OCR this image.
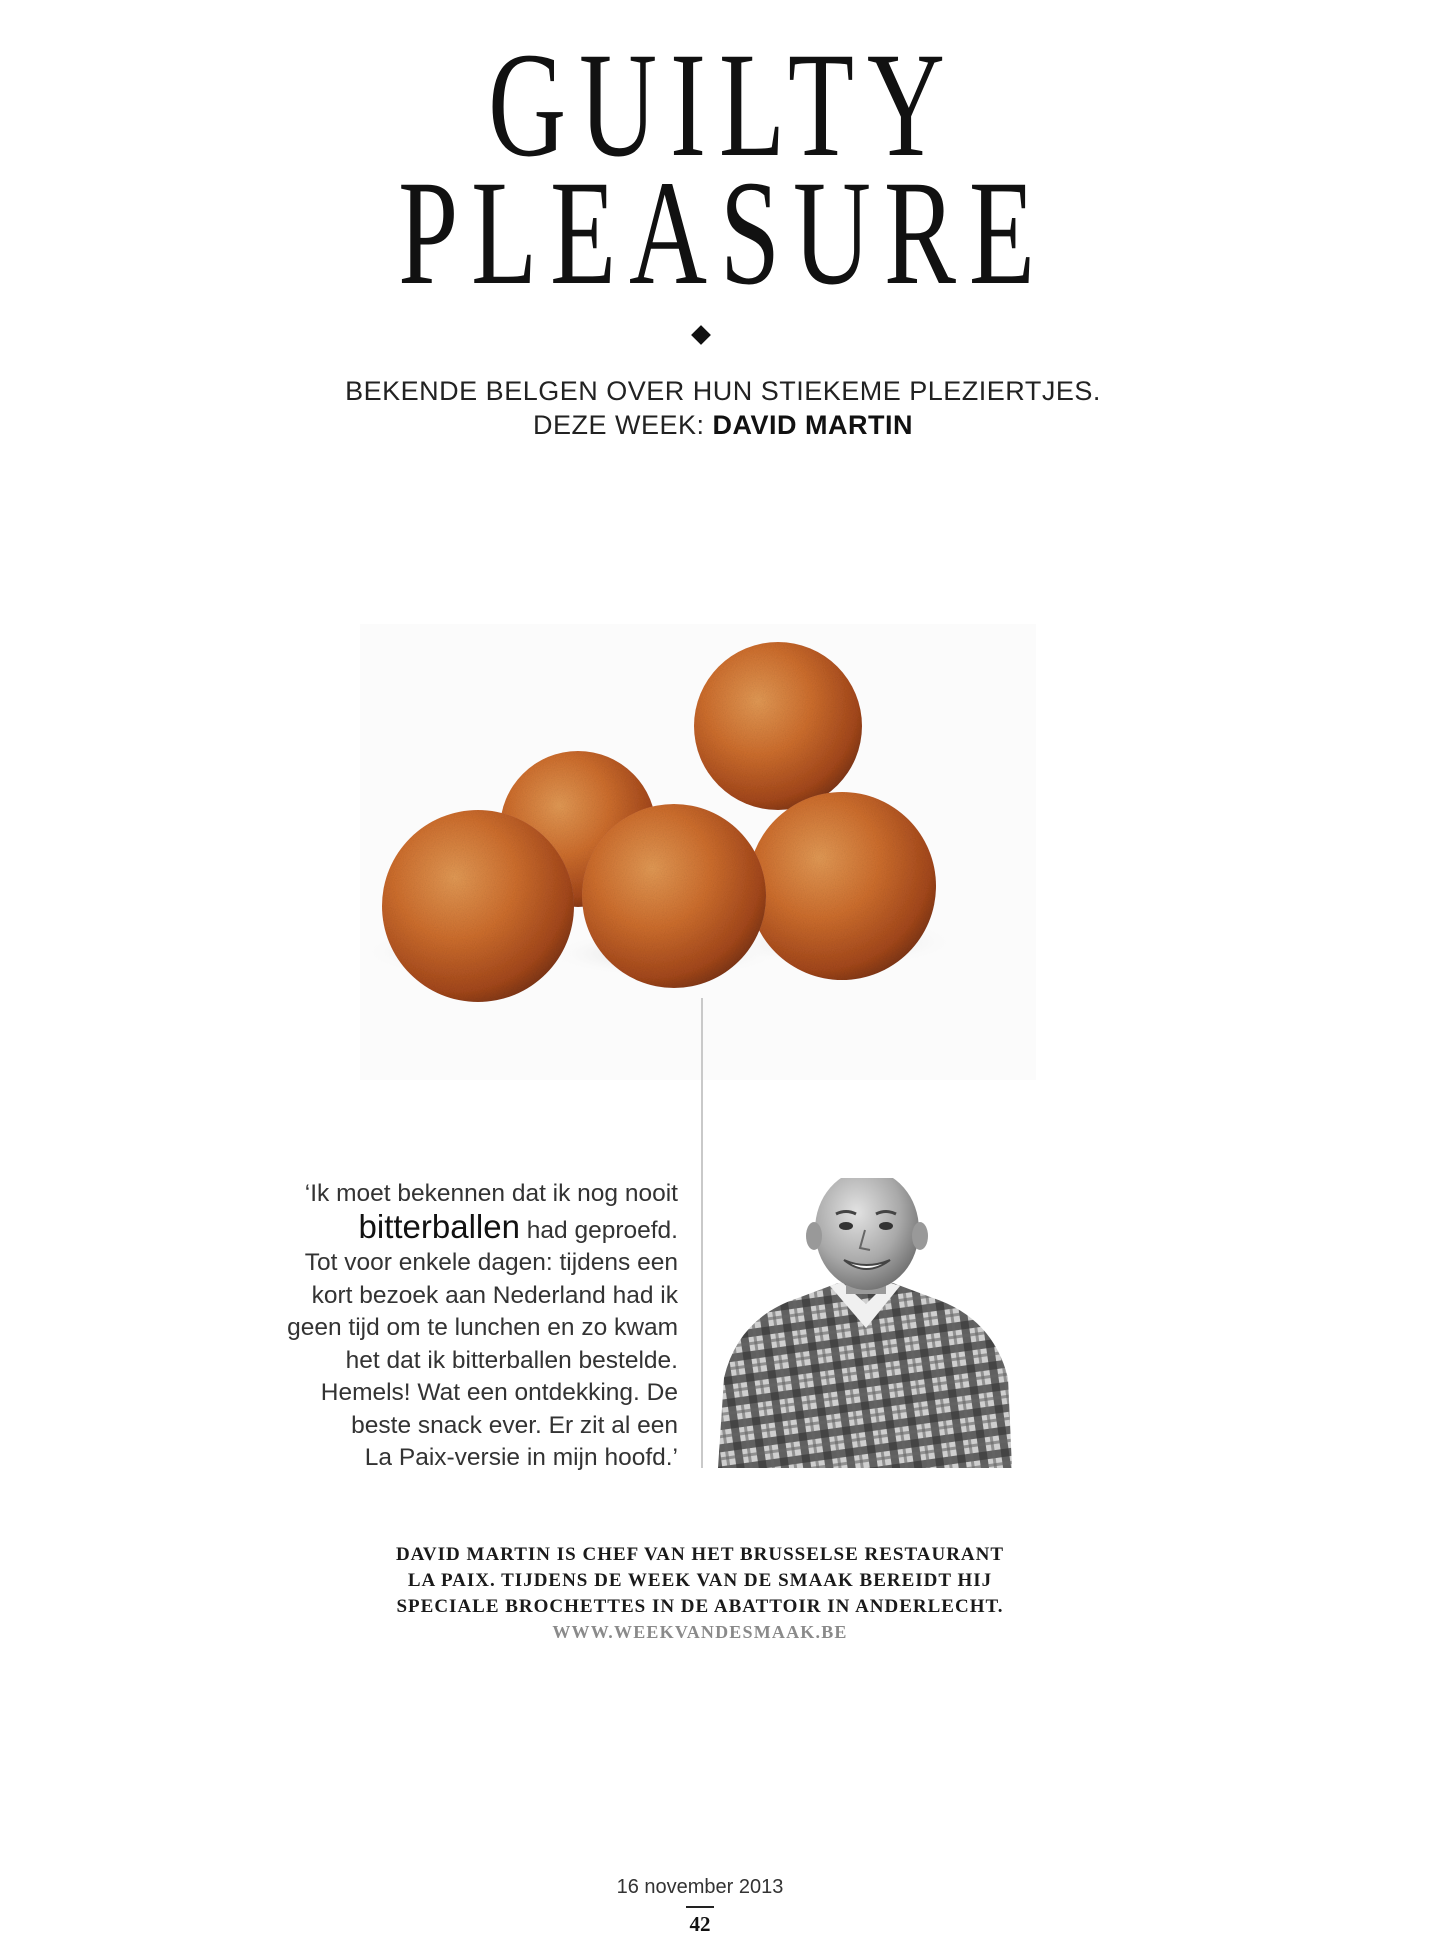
GUILTY
PLEASURE
BEKENDE BELGEN OVER HUN STIEKEME PLEZIERTJES.
DEZE WEEK: DAVID MARTIN
‘Ik moet bekennen dat ik nog nooit
bitterballen had geproefd.
Tot voor enkele dagen: tijdens een
kort bezoek aan Nederland had ik
geen tijd om te lunchen en zo kwam
het dat ik bitterballen bestelde.
Hemels! Wat een ontdekking. De
beste snack ever. Er zit al een
La Paix-versie in mijn hoofd.’
DAVID MARTIN IS CHEF VAN HET BRUSSELSE RESTAURANT
LA PAIX. TIJDENS DE WEEK VAN DE SMAAK BEREIDT HIJ
SPECIALE BROCHETTES IN DE ABATTOIR IN ANDERLECHT.
WWW.WEEKVANDESMAAK.BE
16 november 2013
42
